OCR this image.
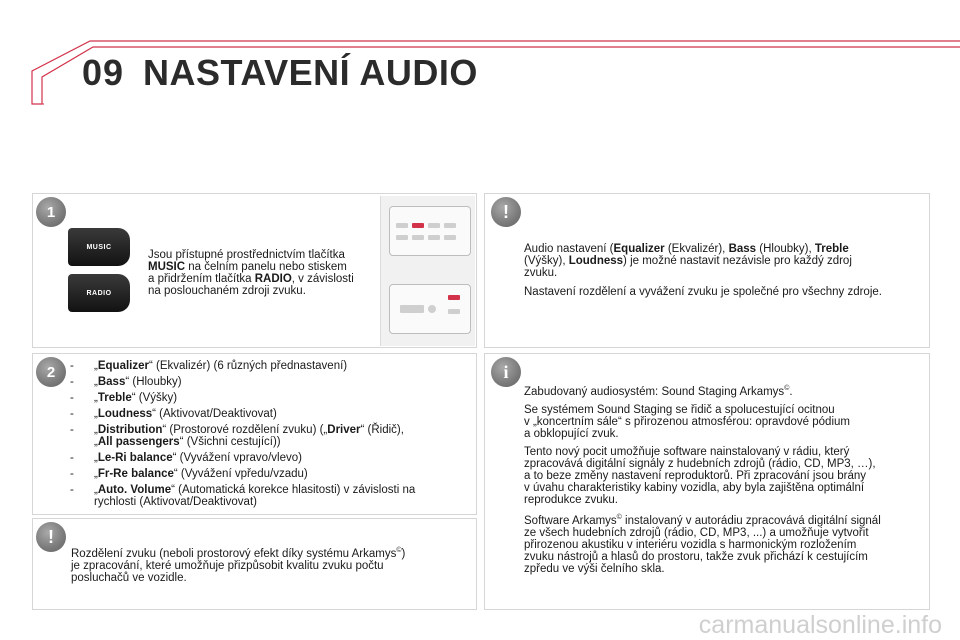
09 NASTAVENÍ AUDIO
1
MUSIC
RADIO
Jsou přístupné prostřednictvím tlačítka
MUSIC na čelním panelu nebo stiskem
a přidržením tlačítka RADIO, v závislosti
na poslouchaném zdroji zvuku.
2	- „Equalizer“ (Ekvalizér) (6 různých přednastavení)
- „Bass“ (Hloubky)
- „Treble“ (Výšky)
- „Loudness“ (Aktivovat/Deaktivovat)
- „Distribution“ (Prostorové rozdělení zvuku) („Driver“ (Řidič),
„All passengers“ (Všichni cestující))
- „Le-Ri balance“ (Vyvážení vpravo/vlevo)
- „Fr-Re balance“ (Vyvážení vpředu/vzadu)
- „Auto. Volume“ (Automatická korekce hlasitosti) v závislosti na
rychlosti (Aktivovat/Deaktivovat)
!
Rozdělení zvuku (neboli prostorový efekt díky systému Arkamys©)
je zpracování, které umožňuje přizpůsobit kvalitu zvuku počtu
posluchačů ve vozidle.
!
Audio nastavení (Equalizer (Ekvalizér), Bass (Hloubky), Treble
(Výšky), Loudness) je možné nastavit nezávisle pro každý zdroj
zvuku.
Nastavení rozdělení a vyvážení zvuku je společné pro všechny zdroje.
i
Zabudovaný audiosystém: Sound Staging Arkamys©.
Se systémem Sound Staging se řidič a spolucestující ocitnou
v „koncertním sále“ s přirozenou atmosférou: opravdové pódium
a obklopující zvuk.
Tento nový pocit umožňuje software nainstalovaný v rádiu, který
zpracovává digitální signály z hudebních zdrojů (rádio, CD, MP3, …),
a to beze změny nastavení reproduktorů. Při zpracování jsou brány
v úvahu charakteristiky kabiny vozidla, aby byla zajištěna optimální
reprodukce zvuku.
Software Arkamys© instalovaný v autorádiu zpracovává digitální signál
ze všech hudebních zdrojů (rádio, CD, MP3, ...) a umožňuje vytvořit
přirozenou akustiku v interiéru vozidla s harmonickým rozložením
zvuku nástrojů a hlasů do prostoru, takže zvuk přichází k cestujícím
zpředu ve výši čelního skla.
carmanualsonline.info
